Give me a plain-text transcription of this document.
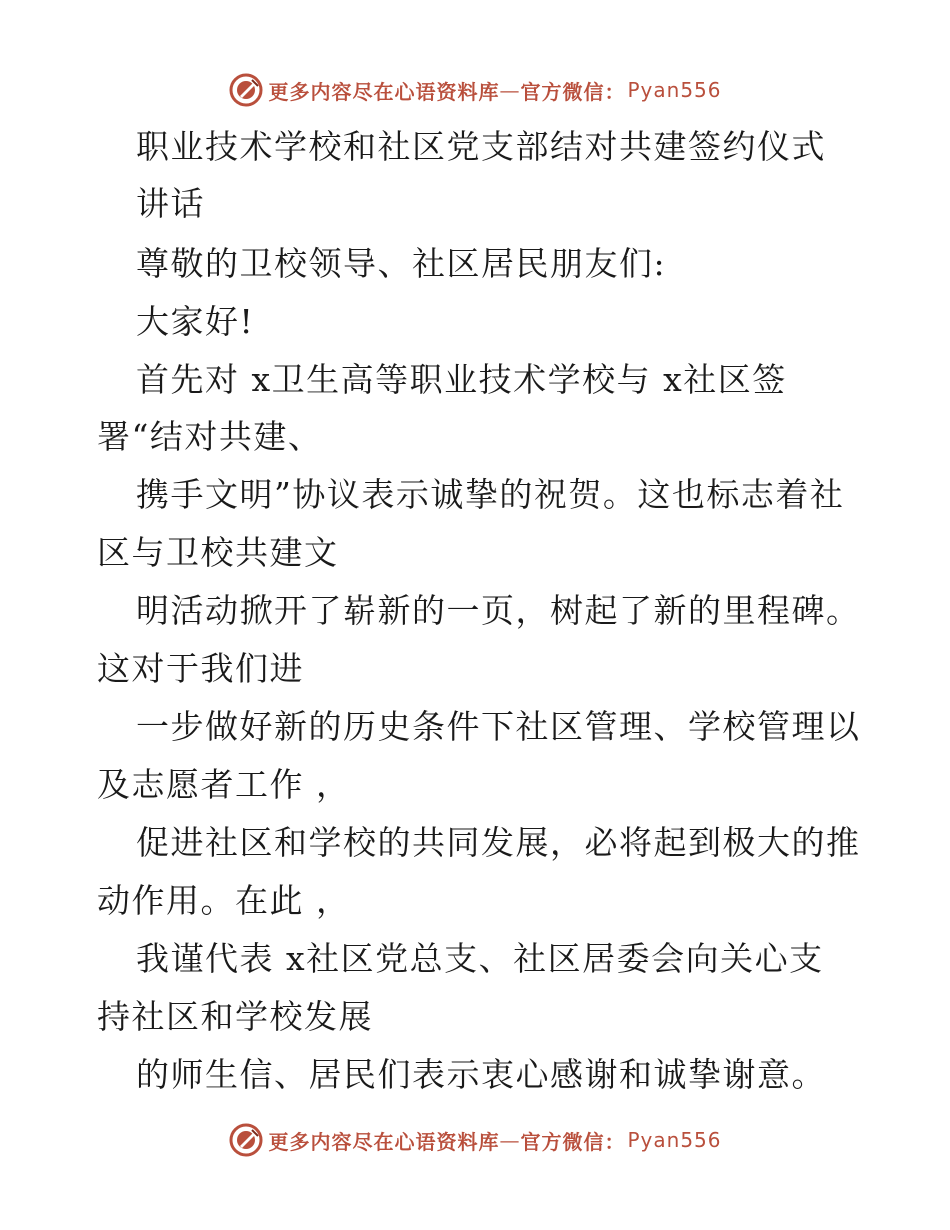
更多内容尽在心语资料库 — 官方微信： Pyan556
职业技术学校和社区党支部结对共建签约仪式
讲话
尊敬的卫校领导、社区居民朋友们:
大家好!
首先对 x卫生高等职业技术学校与 x社区签
署“结对共建、
携手文明”协议表示诚挚的祝贺。这也标志着社
区与卫校共建文
明活动掀开了崭新的一页，树起了新的里程碑。
这对于我们进
一步做好新的历史条件下社区管理、学校管理以
及志愿者工作 ，
促进社区和学校的共同发展，必将起到极大的推
动作用。在此 ，
我谨代表 x社区党总支、社区居委会向关心支
持社区和学校发展
的师生信、居民们表示衷心感谢和诚挚谢意。
更多内容尽在心语资料库 — 官方微信： Pyan556
